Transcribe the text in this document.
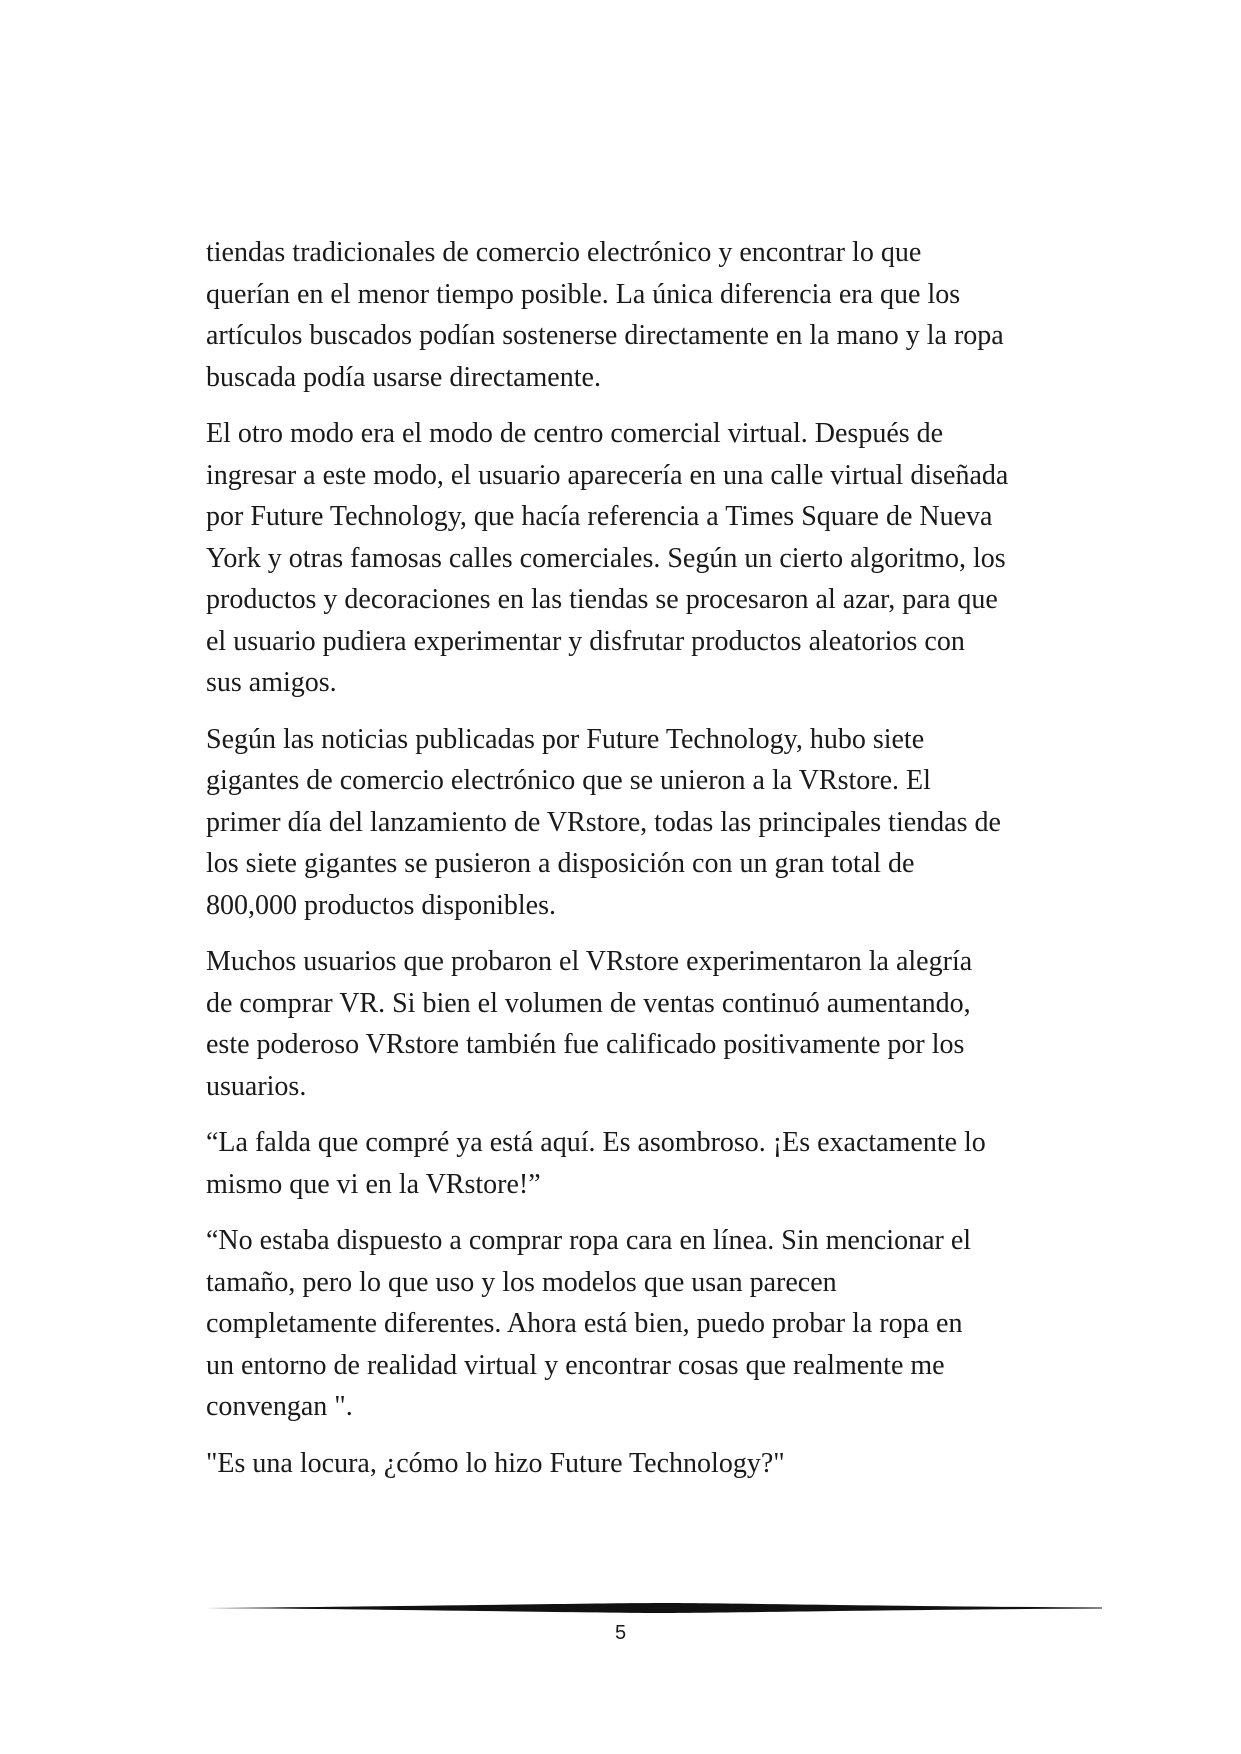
tiendas tradicionales de comercio electrónico y encontrar lo que
querían en el menor tiempo posible. La única diferencia era que los
artículos buscados podían sostenerse directamente en la mano y la ropa
buscada podía usarse directamente.

El otro modo era el modo de centro comercial virtual. Después de
ingresar a este modo, el usuario aparecería en una calle virtual diseñada
por Future Technology, que hacía referencia a Times Square de Nueva
York y otras famosas calles comerciales. Según un cierto algoritmo, los
productos y decoraciones en las tiendas se procesaron al azar, para que
el usuario pudiera experimentar y disfrutar productos aleatorios con
sus amigos.

Según las noticias publicadas por Future Technology, hubo siete
gigantes de comercio electrónico que se unieron a la VRstore. El
primer día del lanzamiento de VRstore, todas las principales tiendas de
los siete gigantes se pusieron a disposición con un gran total de
800,000 productos disponibles.

Muchos usuarios que probaron el VRstore experimentaron la alegría
de comprar VR. Si bien el volumen de ventas continuó aumentando,
este poderoso VRstore también fue calificado positivamente por los
usuarios.

“La falda que compré ya está aquí. Es asombroso. ¡Es exactamente lo
mismo que vi en la VRstore!”

“No estaba dispuesto a comprar ropa cara en línea. Sin mencionar el
tamaño, pero lo que uso y los modelos que usan parecen
completamente diferentes. Ahora está bien, puedo probar la ropa en
un entorno de realidad virtual y encontrar cosas que realmente me
convengan ".

"Es una locura, ¿cómo lo hizo Future Technology?"

5
